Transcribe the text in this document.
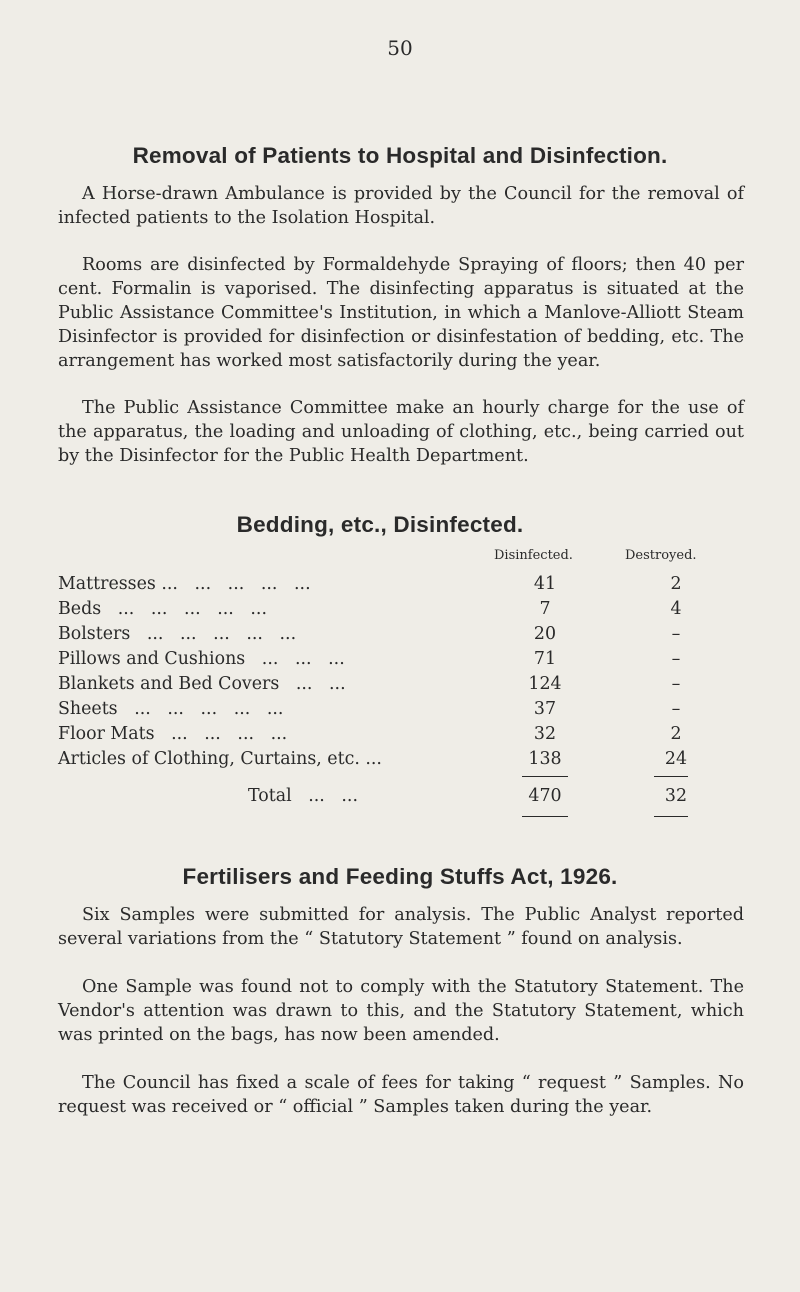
50
Removal of Patients to Hospital and Disinfection.
A Horse-drawn Ambulance is provided by the Council for the removal of infected patients to the Isolation Hospital.
Rooms are disinfected by Formaldehyde Spraying of floors; then 40 per cent. Formalin is vaporised. The disinfecting apparatus is situated at the Public Assistance Committee's Institution, in which a Manlove-Alliott Steam Disinfector is provided for disinfection or disinfestation of bedding, etc. The arrangement has worked most satisfactorily during the year.
The Public Assistance Committee make an hourly charge for the use of the apparatus, the loading and unloading of clothing, etc., being carried out by the Disinfector for the Public Health Department.
Bedding, etc., Disinfected.
Disinfected.	Destroyed.
Mattresses ...   ...   ...   ...   ...	41	2
Beds   ...   ...   ...   ...   ...	7	4
Bolsters   ...   ...   ...   ...   ...	20	–
Pillows and Cushions   ...   ...   ...	71	–
Blankets and Bed Covers   ...   ...	124	–
Sheets   ...   ...   ...   ...   ...	37	–
Floor Mats   ...   ...   ...   ...	32	2
Articles of Clothing, Curtains, etc. ...	138	24
Total   ...   ...	470	32
Fertilisers and Feeding Stuffs Act, 1926.
Six Samples were submitted for analysis. The Public Analyst reported several variations from the “ Statutory Statement ” found on analysis.
One Sample was found not to comply with the Statutory Statement. The Vendor's attention was drawn to this, and the Statutory Statement, which was printed on the bags, has now been amended.
The Council has fixed a scale of fees for taking “ request ” Samples. No request was received or “ official ” Samples taken during the year.
